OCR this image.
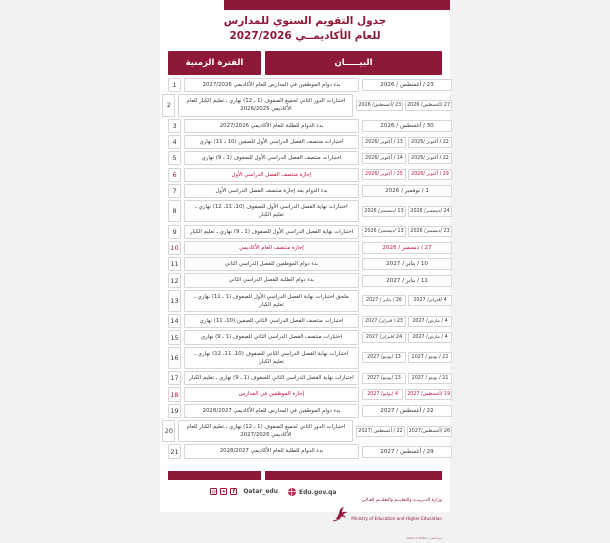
جدول التقويم السنوي للمدارس
للعام الأكاديمــي 2027/2026
البيـــــان
الفترة الزمنية
23 / أغسطس / 2026
بدء دوام الموظفين في المدارس للعام الأكاديمي 2027/2026
1
27 /أغسطس/ 2026
23 /أغسطس/ 2026
اختبارات الدور الثاني لجميع الصفوف (1 ـ 12) نهاري ـ تعليم الكبار للعام الأكاديمي 2026/2025
2
30 / أغسطس / 2026
بدء الدوام للطلبة للعام الأكاديمي 2027/2026
3
22 / أكتوبر /2026
13 / أكتوبر /2026
اختبارات منتصف الفصل الدراسي الأول للصفين (10 ـ 11) نهاري
4
22 / أكتوبر /2026
14 / أكتوبر /2026
اختبارات منتصف الفصل الدراسي الأول للصفوف (1 ـ 9) نهاري
5
29 / أكتوبر /2026
25 / أكتوبر /2026
إجازة منتصف الفصل الدراسي الأول
6
1 / نوفمبر / 2026
بدء الدوام بعد إجازة منتصف الفصل الدراسي الأول
7
24 /ديسمبر/ 2026
13 /ديسمبر/ 2026
اختبارات نهاية الفصل الدراسي الأول للصفوف (10، 11، 12) نهاري ـ تعليم الكبار
8
23 /ديسمبر/ 2026
13 /ديسمبر/ 2026
اختبارات نهاية الفصل الدراسي الأول للصفوف (1 ـ 9) نهاري ـ تعليم الكبار
9
27 / ديسمبر / 2026
إجازة منتصف العام الأكاديمي
10
10 / يناير / 2027
بدء دوام الموظفين للفصل الدراسي الثاني
11
11 / يناير / 2027
بدء دوام الطلبة للفصل الدراسي الثاني
12
4 /فبراير/ 2027
26 / يناير / 2027
ملحق اختبارات نهاية الفصل الدراسي الأول للصفوف (1 ـ 11) نهاري ـ تعليم الكبار
13
4 / مارس/ 2027
23 / فبراير/ 2027
اختبارات منتصف الفصل الدراسي الثاني للصفين (10، 11) نهاري
14
4 / مارس/ 2027
24 /فبراير/ 2027
اختبارات منتصف الفصل الدراسي الثاني للصفوف (1 ـ 9) نهاري
15
22 / يونيو / 2027
13 /يونيو/ 2027
اختبارات نهاية الفصل الدراسي الثاني للصفوف (10، 11، 12) نهاري ـ تعليم الكبار
16
21 / يونيو / 2027
13 /يونيو/ 2027
اختبارات نهاية الفصل الدراسي الثاني للصفوف (1 ـ 9) نهاري ـ تعليم الكبار
17
19 /أغسطس/ 2027
4 /يوليو/ 2027
إجازة الموظفين في المدارس
18
22 / أغسطس / 2027
بدء دوام الموظفين في المدارس للعام الأكاديمي 2028/2027
19
26 /أغسطس/2027
22 / أغسطس /2027
اختبارات الدور الثاني لجميع الصفوف (1 ـ 12) نهاري ـ تعليم الكبار للعام الأكاديمي 2027/2026
20
29 / أغسطس / 2027
بدء الدوام للطلبة للعام الأكاديمي 2028/2027
21
Qatar_edu
f
✦
◎	Edu.gov.qa
وزارة التــربيــة والتعليــم والتعليــم العـالي
Ministry of Education and Higher Education
دولة قطـر ـ State of Qatar
